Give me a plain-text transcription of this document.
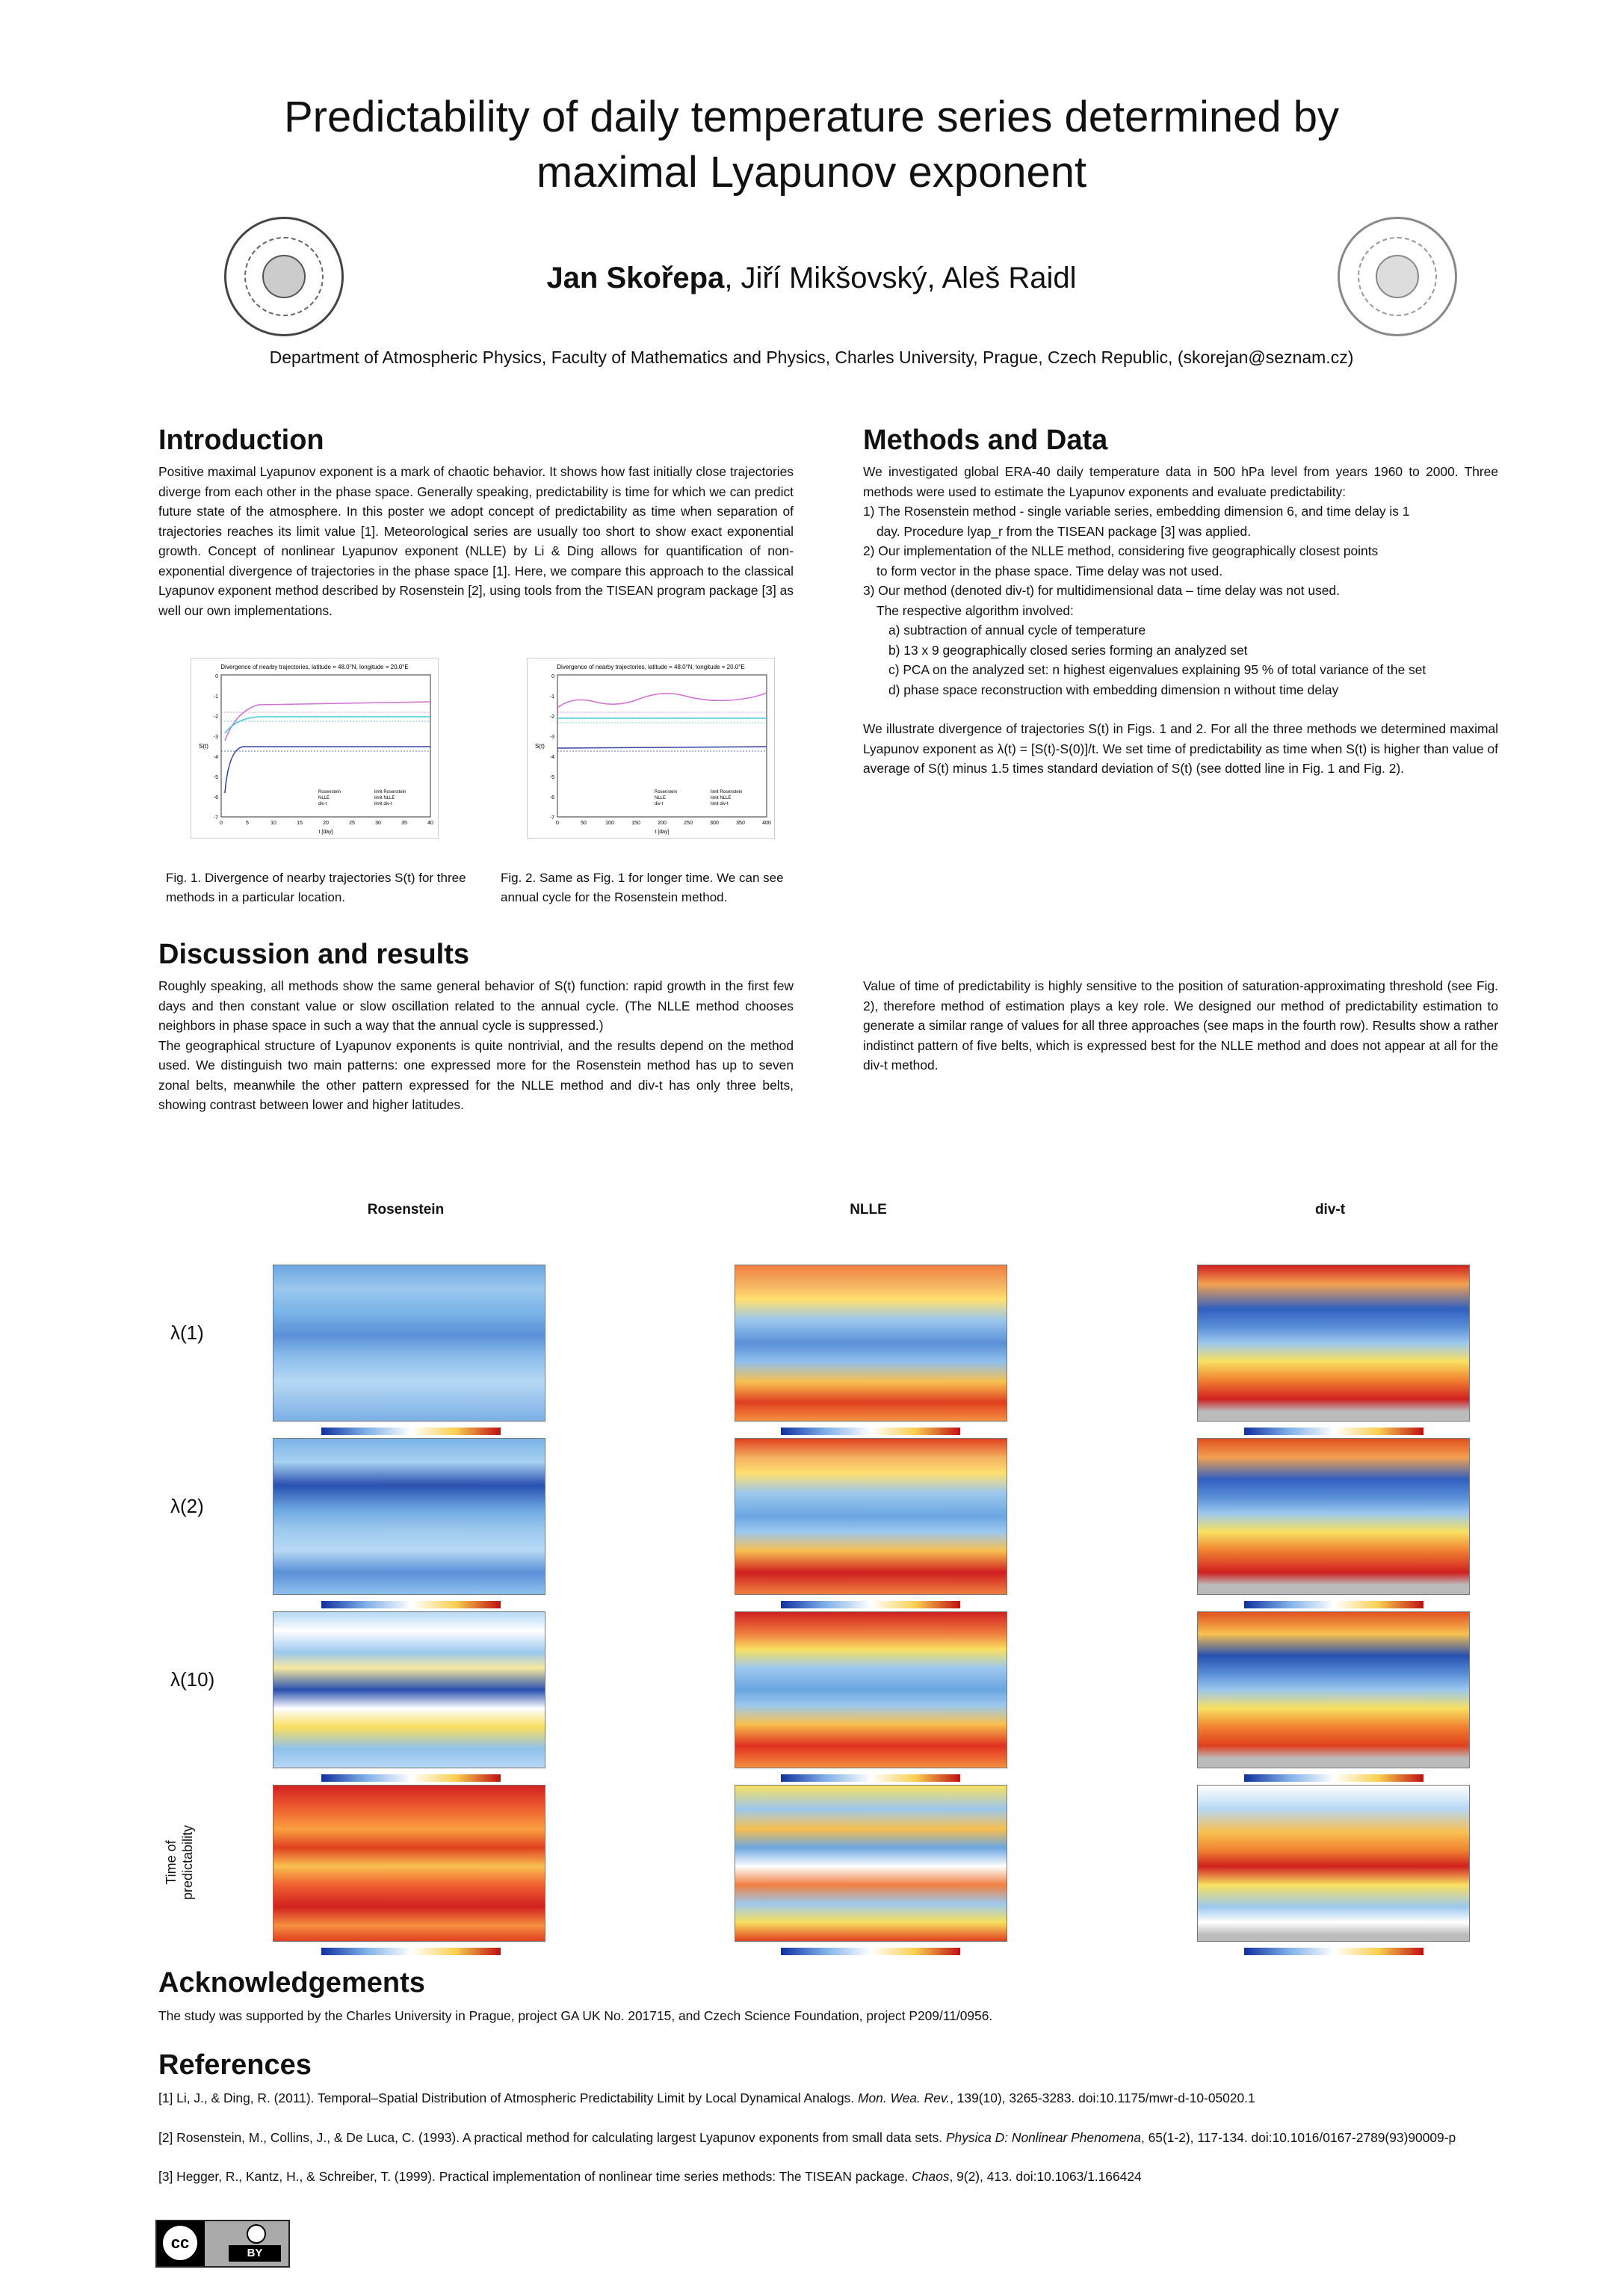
Predictability of daily temperature series determined by
maximal Lyapunov exponent
Jan Skořepa, Jiří Mikšovský, Aleš Raidl
Department of Atmospheric Physics, Faculty of Mathematics and Physics, Charles University, Prague, Czech Republic, (skorejan@seznam.cz)
Introduction
Positive maximal Lyapunov exponent is a mark of chaotic behavior. It shows how fast initially close trajectories diverge from each other in the phase space. Generally speaking, predictability is time for which we can predict future state of the atmosphere. In this poster we adopt concept of predictability as time when separation of trajectories reaches its limit value [1]. Meteorological series are usually too short to show exact exponential growth. Concept of nonlinear Lyapunov exponent (NLLE) by Li & Ding allows for quantification of non-exponential divergence of trajectories in the phase space [1]. Here, we compare this approach to the classical Lyapunov exponent method described by Rosenstein [2], using tools from the TISEAN program package [3] as well our own implementations.
Methods and Data

We investigated global ERA-40 daily temperature data in 500 hPa level from years 1960 to 2000. Three methods were used to estimate the Lyapunov exponents and evaluate predictability:

1) The Rosenstein method - single variable series, embedding dimension 6, and time delay is 1

day. Procedure lyap_r from the TISEAN package [3] was applied.

2) Our implementation of the NLLE method, considering five geographically closest points

to form vector in the phase space. Time delay was not used.

3) Our method (denoted div-t) for multidimensional data – time delay was not used.

The respective algorithm involved:

a) subtraction of annual cycle of temperature

b) 13 x 9 geographically closed series forming an analyzed set

c) PCA on the analyzed set: n highest eigenvalues explaining 95 % of total variance of the set

d) phase space reconstruction with embedding dimension n without time delay

We illustrate divergence of trajectories S(t) in Figs. 1 and 2. For all the three methods we determined maximal Lyapunov exponent as λ(t) = [S(t)-S(0)]/t. We set time of predictability as time when S(t) is higher than value of average of S(t) minus 1.5 times standard deviation of S(t) (see dotted line in Fig. 1 and Fig. 2).

Divergence of nearby trajectories, latitude = 48.0°N, longitude = 20.0°E
S(t)
0
-1
-2
-3
-4
-5
-6
-7
0	5	10	15	20	25	30	35	40
t [day]
Rosenstein
NLLE
div-t
limit Rosenstein
limit NLLE
limit div-t
Divergence of nearby trajectories, latitude = 48.0°N, longitude = 20.0°E
S(t)
0
-1
-2
-3
-4
-5
-6
-7
0	50	100	150	200	250	300	350	400
t [day]
Rosenstein
NLLE
div-t
limit Rosenstein
limit NLLE
limit div-t
Fig. 1. Divergence of nearby trajectories S(t) for three methods in a particular location.
Fig. 2. Same as Fig. 1 for longer time. We can see annual cycle for the Rosenstein method.
Discussion and results

Roughly speaking, all methods show the same general behavior of S(t) function: rapid growth in the first few days and then constant value or slow oscillation related to the annual cycle. (The NLLE method chooses neighbors in phase space in such a way that the annual cycle is suppressed.)

The geographical structure of Lyapunov exponents is quite nontrivial, and the results depend on the method used. We distinguish two main patterns: one expressed more for the Rosenstein method has up to seven zonal belts, meanwhile the other pattern expressed for the NLLE method and div-t has only three belts, showing contrast between lower and higher latitudes.

Value of time of predictability is highly sensitive to the position of saturation-approximating threshold (see Fig. 2), therefore method of estimation plays a key role. We designed our method of predictability estimation to generate a similar range of values for all three approaches (see maps in the fourth row). Results show a rather indistinct pattern of five belts, which is expressed best for the NLLE method and does not appear at all for the div-t method.
Rosenstein	NLLE	div-t
λ(1)
λ(2)
λ(10)
Time of predictability
Acknowledgements
The study was supported by the Charles University in Prague, project GA UK No. 201715, and Czech Science Foundation, project P209/11/0956.
References

[1] Li, J., & Ding, R. (2011). Temporal–Spatial Distribution of Atmospheric Predictability Limit by Local Dynamical Analogs. Mon. Wea. Rev., 139(10), 3265-3283. doi:10.1175/mwr-d-10-05020.1

[2] Rosenstein, M., Collins, J., & De Luca, C. (1993). A practical method for calculating largest Lyapunov exponents from small data sets. Physica D: Nonlinear Phenomena, 65(1-2), 117-134. doi:10.1016/0167-2789(93)90009-p

[3] Hegger, R., Kantz, H., & Schreiber, T. (1999). Practical implementation of nonlinear time series methods: The TISEAN package. Chaos, 9(2), 413. doi:10.1063/1.166424

cc
BY
